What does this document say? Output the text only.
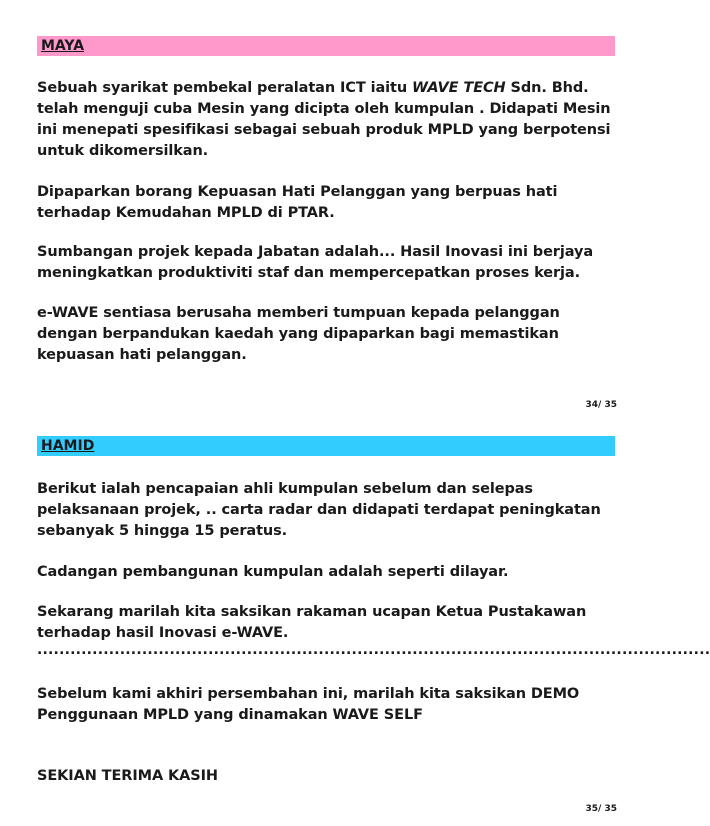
MAYA

Sebuah syarikat pembekal peralatan ICT iaitu WAVE TECH Sdn. Bhd. telah menguji cuba Mesin yang dicipta oleh kumpulan . Didapati Mesin ini menepati spesifikasi sebagai sebuah produk MPLD yang berpotensi untuk dikomersilkan.

Dipaparkan borang Kepuasan Hati Pelanggan yang berpuas hati terhadap Kemudahan MPLD di PTAR.

Sumbangan projek kepada Jabatan adalah... Hasil Inovasi ini berjaya meningkatkan produktiviti staf dan mempercepatkan proses kerja.

e-WAVE sentiasa berusaha memberi tumpuan kepada pelanggan dengan berpandukan kaedah yang dipaparkan bagi memastikan kepuasan hati pelanggan.

34/ 35
HAMID

Berikut ialah pencapaian ahli kumpulan sebelum dan selepas pelaksanaan projek, .. carta radar dan didapati terdapat peningkatan sebanyak 5 hingga 15 peratus.

Cadangan pembangunan kumpulan adalah seperti dilayar.

Sekarang marilah kita saksikan rakaman ucapan Ketua Pustakawan terhadap hasil Inovasi e-WAVE.

..........................................................................................................................

Sebelum kami akhiri persembahan ini, marilah kita saksikan DEMO Penggunaan MPLD yang dinamakan WAVE SELF

SEKIAN TERIMA KASIH

35/ 35
